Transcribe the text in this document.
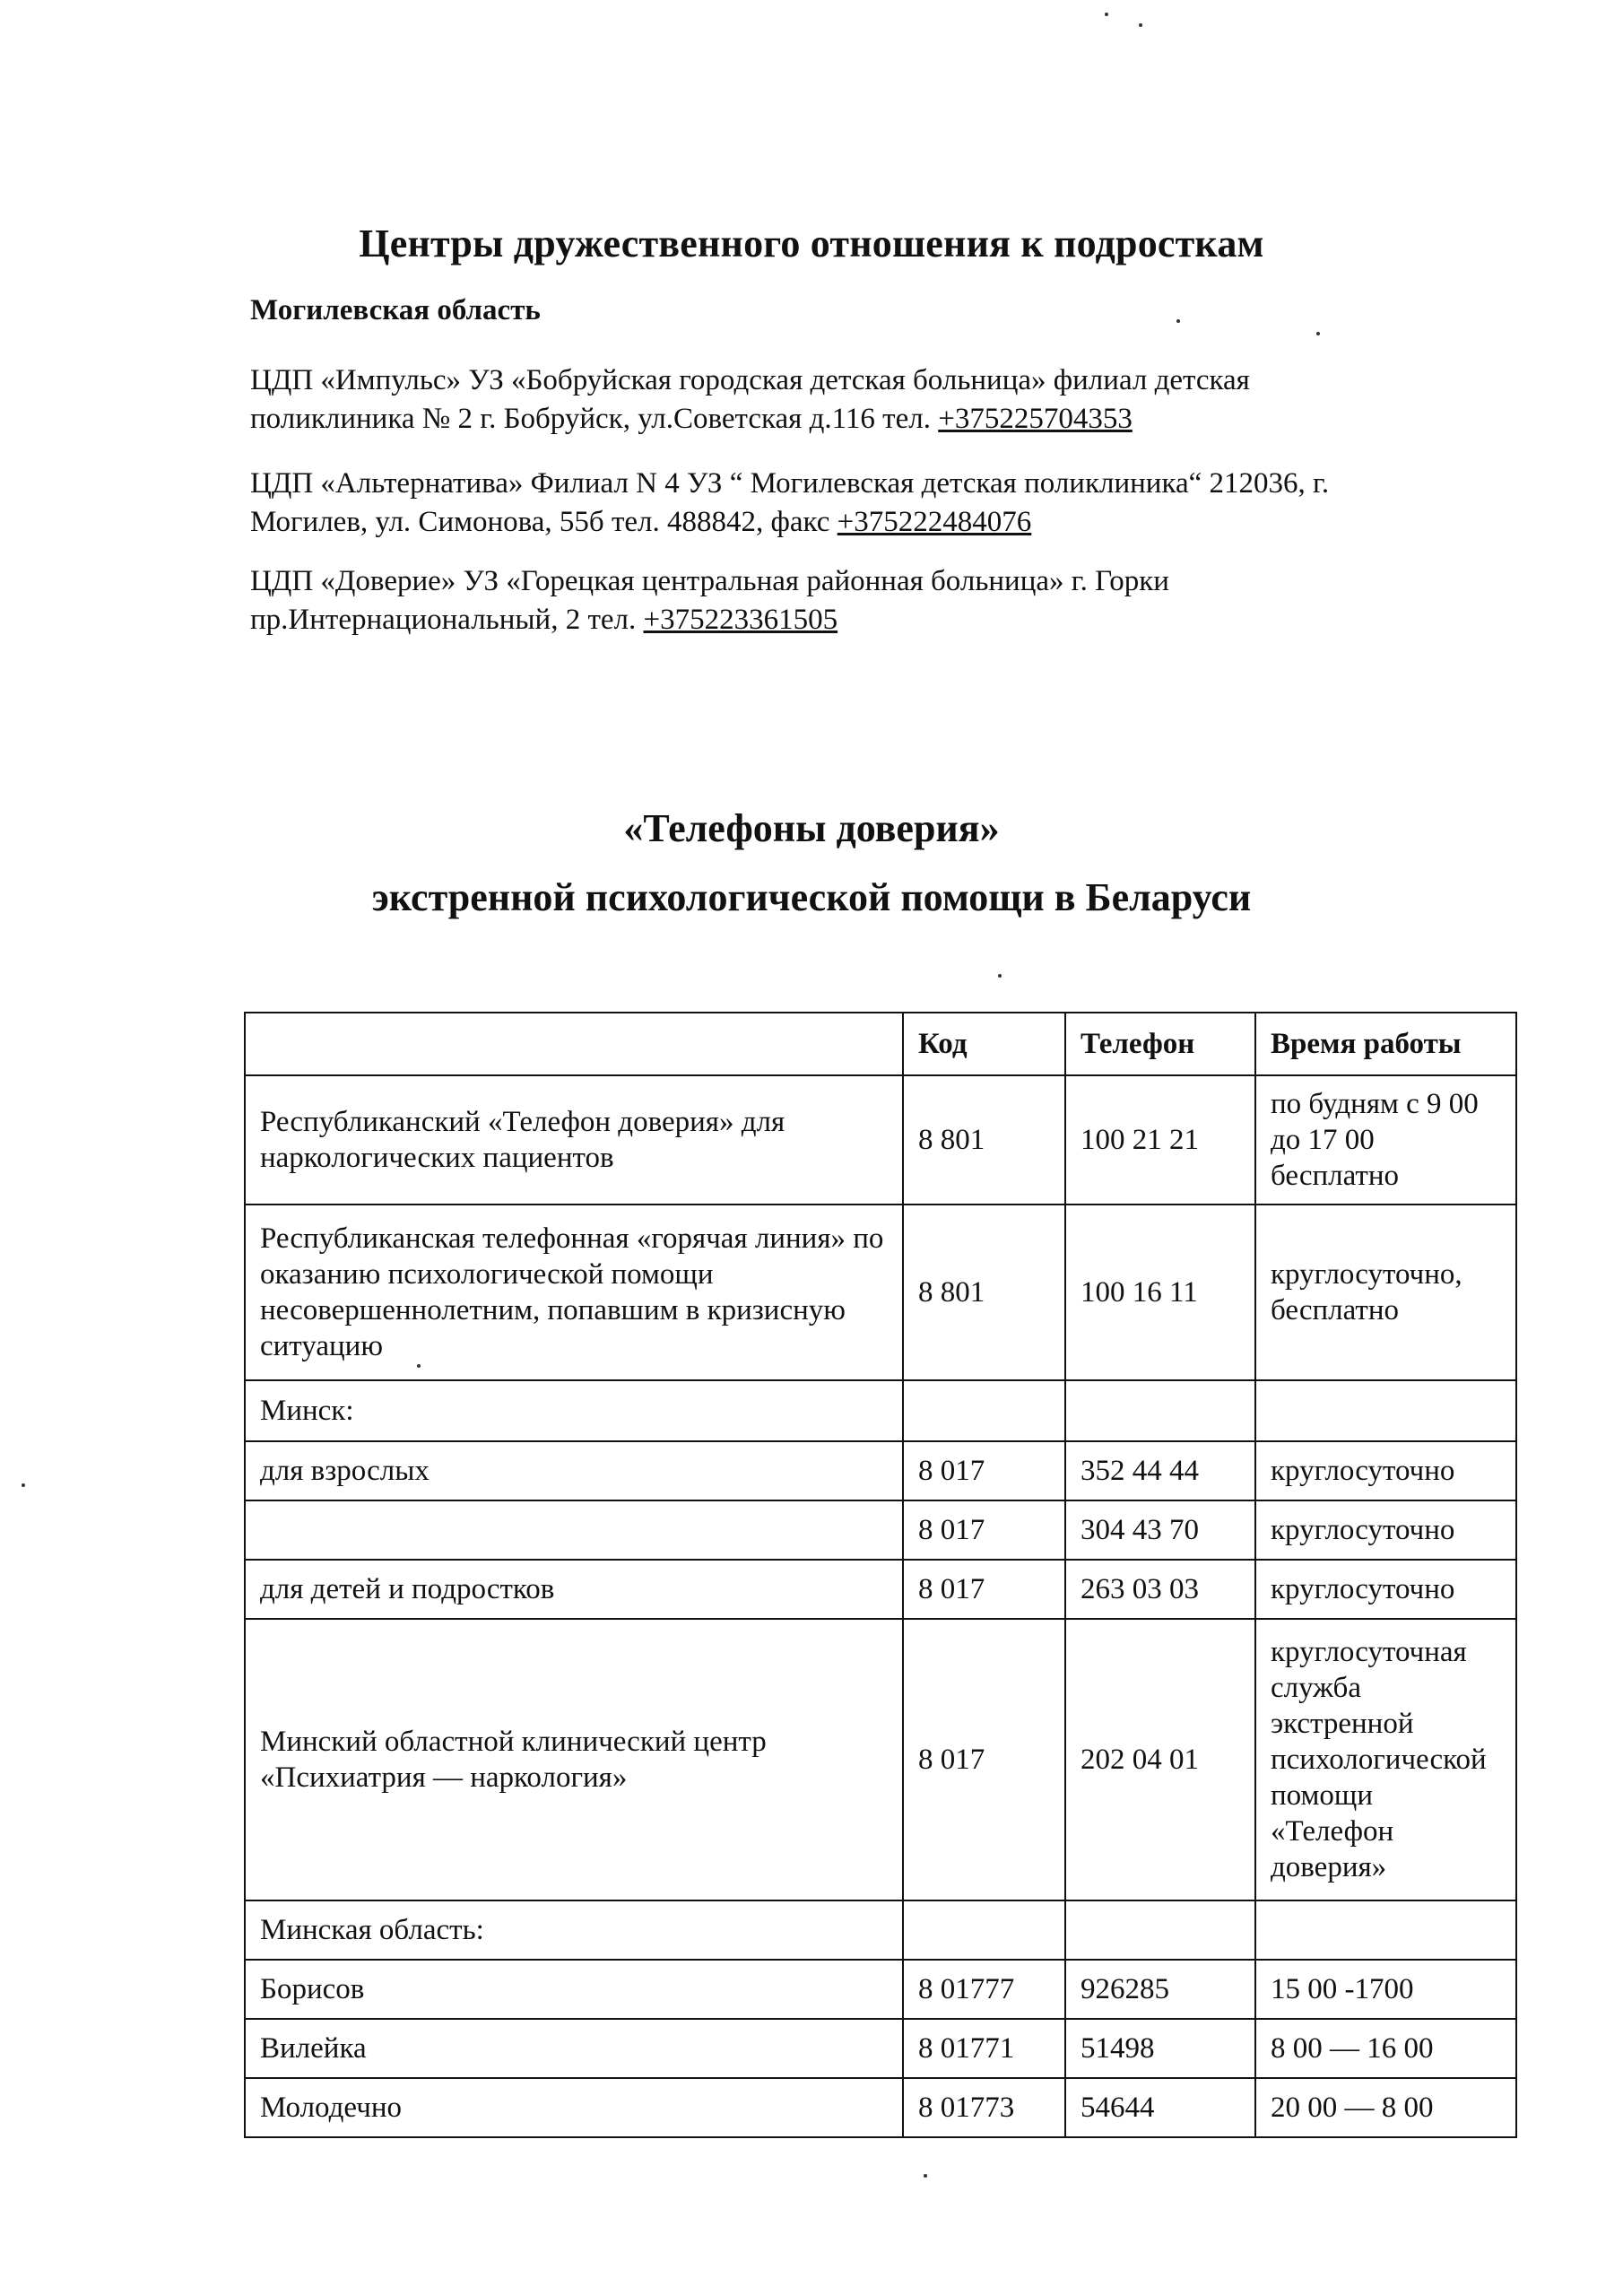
Центры дружественного отношения к подросткам
Могилевская область
ЦДП «Импульс» УЗ «Бобруйская городская детская больница» филиал детская
поликлиника № 2 г. Бобруйск, ул.Советская д.116 тел. +375225704353
ЦДП «Альтернатива» Филиал N 4 УЗ “ Могилевская детская поликлиника“ 212036, г.
Могилев, ул. Симонова, 55б тел. 488842, факс +375222484076
ЦДП «Доверие» УЗ «Горецкая центральная районная больница» г. Горки
пр.Интернациональный, 2 тел. +375223361505
«Телефоны доверия»
экстренной психологической помощи в Беларуси
	Код	Телефон	Время работы
Республиканский «Телефон доверия» для наркологических пациентов	8 801	100 21 21	по будням с 9 00 до 17 00 бесплатно
Республиканская телефонная «горячая линия» по оказанию психологической помощи несовершеннолетним, попавшим в кризисную ситуацию	8 801	100 16 11	круглосуточно, бесплатно
Минск:			
для взрослых	8 017	352 44 44	круглосуточно
	8 017	304 43 70	круглосуточно
для детей и подростков	8 017	263 03 03	круглосуточно
Минский областной клинический центр «Психиатрия — наркология»	8 017	202 04 01	круглосуточная служба экстренной психологической помощи «Телефон доверия»
Минская область:			
Борисов	8 01777	926285	15 00 -1700
Вилейка	8 01771	51498	8 00 — 16 00
Молодечно	8 01773	54644	20 00 — 8 00
